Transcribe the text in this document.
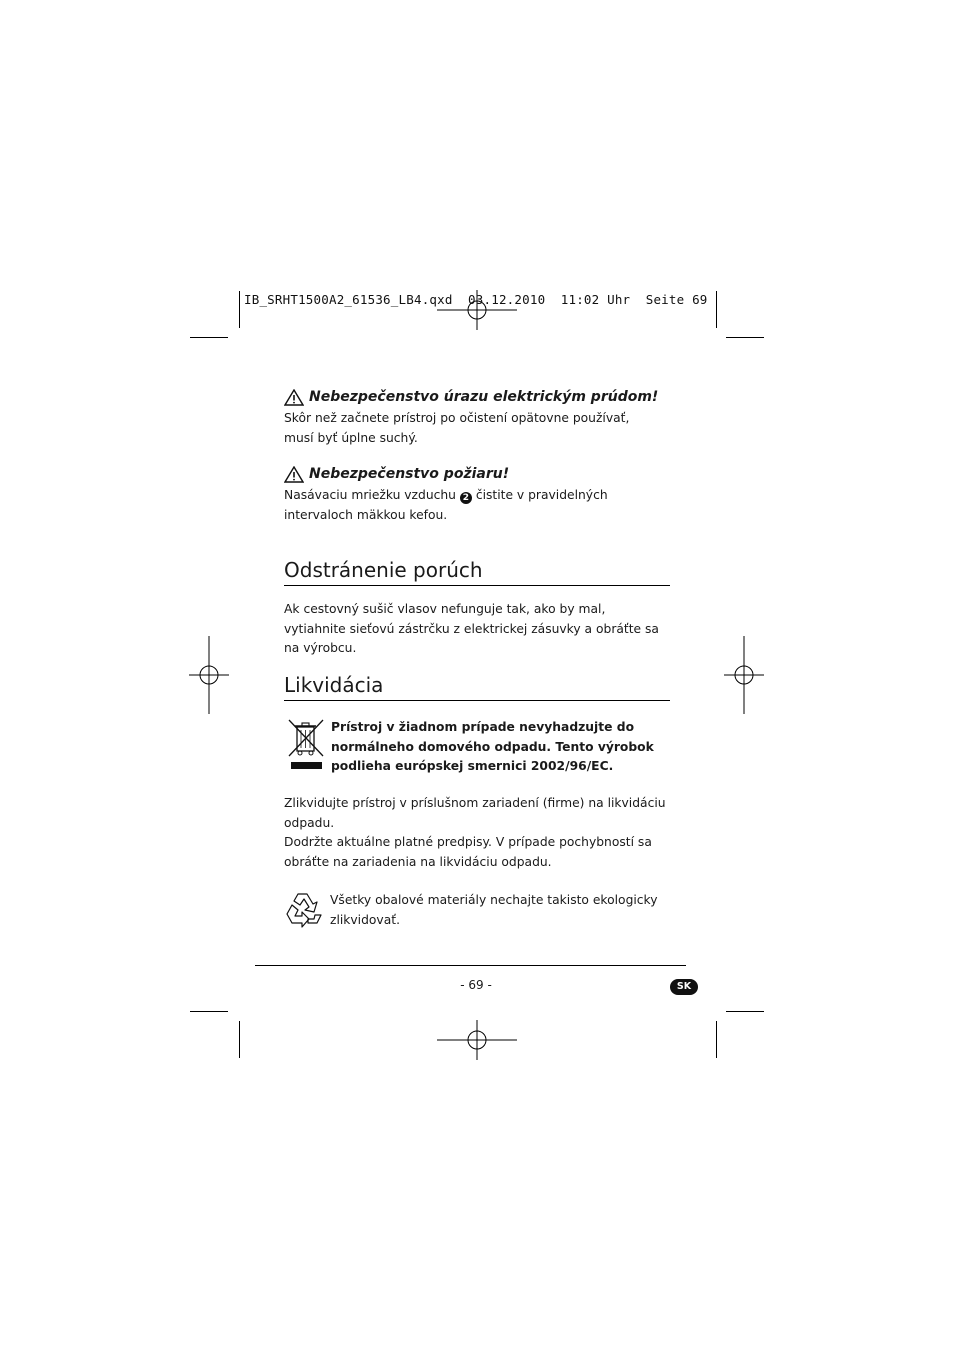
IB_SRHT1500A2_61536_LB4.qxd  03.12.2010  11:02 Uhr  Seite 69
Nebezpečenstvo úrazu elektrickým prúdom!
Skôr než začnete prístroj po očistení opätovne používať, musí byť úplne suchý.
Nebezpečenstvo požiaru!
Nasávaciu mriežku vzduchu 2 čistite v pravidelných intervaloch mäkkou kefou.
Odstránenie porúch
Ak cestovný sušič vlasov nefunguje tak, ako by mal, vytiahnite sieťovú zástrčku z elektrickej zásuvky a obráťte sa na výrobcu.
Likvidácia
Prístroj v žiadnom prípade nevyhadzujte do normálneho domového odpadu. Tento výrobok podlieha európskej smernici 2002/96/EC.
Zlikvidujte prístroj v príslušnom zariadení (firme) na likvidáciu odpadu.
Dodržte aktuálne platné predpisy. V prípade pochybností sa obráťte na zariadenia na likvidáciu odpadu.
Všetky obalové materiály nechajte takisto ekologicky zlikvidovať.
- 69 -	SK
